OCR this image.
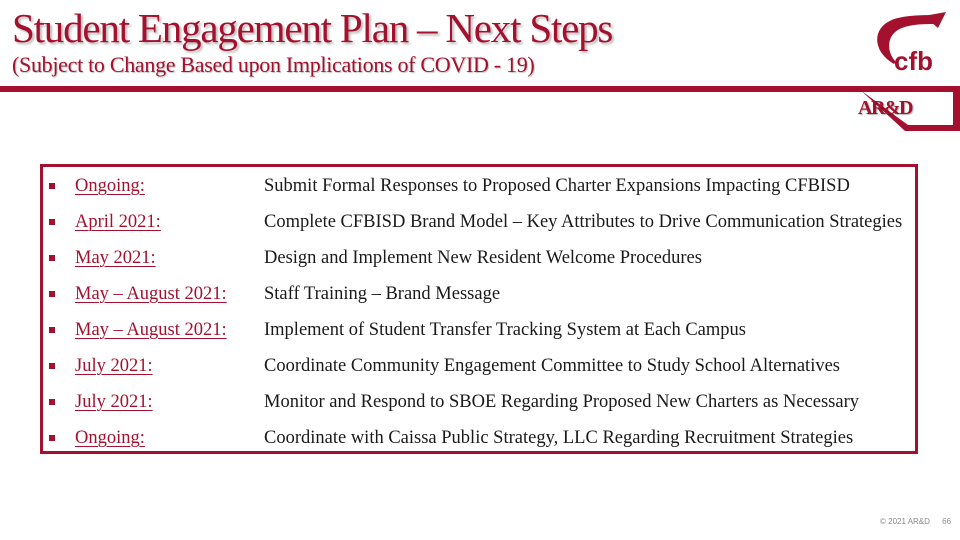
Student Engagement Plan – Next Steps
(Subject to Change Based upon Implications of COVID - 19)	cfb
AR&D
Ongoing:	Submit Formal Responses to Proposed Charter Expansions Impacting CFBISD
April 2021:	Complete CFBISD Brand Model – Key Attributes to Drive Communication Strategies
May 2021:	Design and Implement New Resident Welcome Procedures
May – August 2021: Staff Training – Brand Message
May – August 2021: Implement of Student Transfer Tracking System at Each Campus
July 2021:	Coordinate Community Engagement Committee to Study School Alternatives
July 2021:	Monitor and Respond to SBOE Regarding Proposed New Charters as Necessary
Ongoing:	Coordinate with Caissa Public Strategy, LLC Regarding Recruitment Strategies
© 2021 AR&D 66
